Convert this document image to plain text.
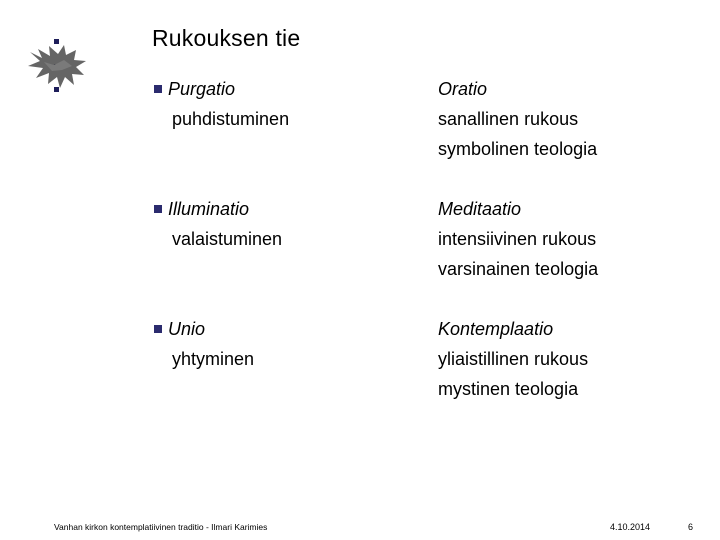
Rukouksen tie
Purgatio
puhdistuminen
Oratio
sanallinen rukous
symbolinen teologia
Illuminatio
valaistuminen
Meditaatio
intensiivinen rukous
varsinainen teologia
Unio
yhtyminen
Kontemplaatio
yliaistillinen rukous
mystinen teologia
Vanhan kirkon kontemplatiivinen traditio - Ilmari Karimies	4.10.2014	6
